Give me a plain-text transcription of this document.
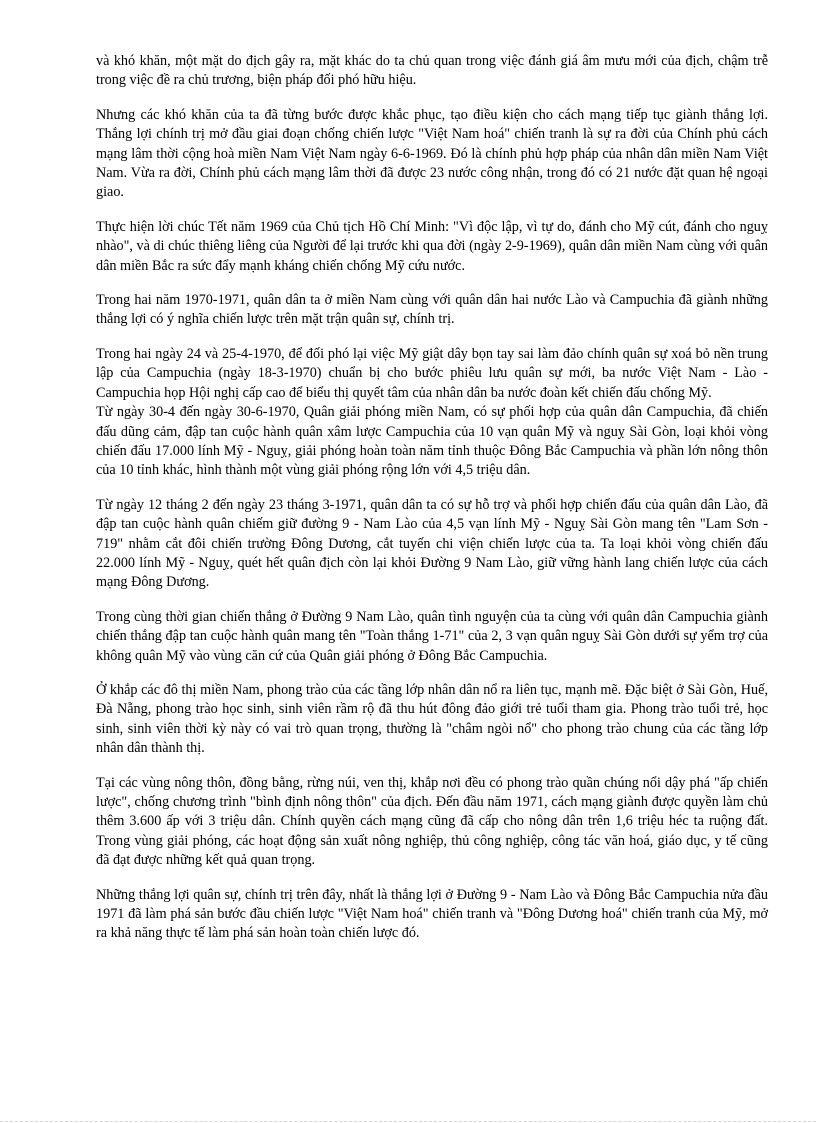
và khó khăn, một mặt do địch gây ra, mặt khác do ta chủ quan trong việc đánh giá âm mưu mới của địch, chậm trễ trong việc đề ra chủ trương, biện pháp đối phó hữu hiệu.

Nhưng các khó khăn của ta đã từng bước được khắc phục, tạo điều kiện cho cách mạng tiếp tục giành thắng lợi. Thắng lợi chính trị mở đầu giai đoạn chống chiến lược "Việt Nam hoá" chiến tranh là sự ra đời của Chính phủ cách mạng lâm thời cộng hoà miền Nam Việt Nam ngày 6-6-1969. Đó là chính phủ hợp pháp của nhân dân miền Nam Việt Nam. Vừa ra đời, Chính phủ cách mạng lâm thời đã được 23 nước công nhận, trong đó có 21 nước đặt quan hệ ngoại giao.

Thực hiện lời chúc Tết năm 1969 của Chủ tịch Hồ Chí Minh: "Vì độc lập, vì tự do, đánh cho Mỹ cút, đánh cho nguỵ nhào", và di chúc thiêng liêng của Người để lại trước khi qua đời (ngày 2-9-1969), quân dân miền Nam cùng với quân dân miền Bắc ra sức đẩy mạnh kháng chiến chống Mỹ cứu nước.

Trong hai năm 1970-1971, quân dân ta ở miền Nam cùng với quân dân hai nước Lào và Campuchia đã giành những thắng lợi có ý nghĩa chiến lược trên mặt trận quân sự, chính trị.

Trong hai ngày 24 và 25-4-1970, để đối phó lại việc Mỹ giật dây bọn tay sai làm đảo chính quân sự xoá bỏ nền trung lập của Campuchia (ngày 18-3-1970) chuẩn bị cho bước phiêu lưu quân sự mới, ba nước Việt Nam - Lào - Campuchia họp Hội nghị cấp cao để biểu thị quyết tâm của nhân dân ba nước đoàn kết chiến đấu chống Mỹ.

Từ ngày 30-4 đến ngày 30-6-1970, Quân giải phóng miền Nam, có sự phối hợp của quân dân Campuchia, đã chiến đấu dũng cảm, đập tan cuộc hành quân xâm lược Campuchia của 10 vạn quân Mỹ và nguỵ Sài Gòn, loại khỏi vòng chiến đấu 17.000 lính Mỹ - Nguỵ, giải phóng hoàn toàn năm tỉnh thuộc Đông Bắc Campuchia và phần lớn nông thôn của 10 tỉnh khác, hình thành một vùng giải phóng rộng lớn với 4,5 triệu dân.

Từ ngày 12 tháng 2 đến ngày 23 tháng 3-1971, quân dân ta có sự hỗ trợ và phối hợp chiến đấu của quân dân Lào, đã đập tan cuộc hành quân chiếm giữ đường 9 - Nam Lào của 4,5 vạn lính Mỹ - Nguỵ Sài Gòn mang tên "Lam Sơn - 719" nhằm cắt đôi chiến trường Đông Dương, cắt tuyến chi viện chiến lược của ta. Ta loại khỏi vòng chiến đấu 22.000 lính Mỹ - Nguỵ, quét hết quân địch còn lại khỏi Đường 9 Nam Lào, giữ vững hành lang chiến lược của cách mạng Đông Dương.

Trong cùng thời gian chiến thắng ở Đường 9 Nam Lào, quân tình nguyện của ta cùng với quân dân Campuchia giành chiến thắng đập tan cuộc hành quân mang tên "Toàn thắng 1-71" của 2, 3 vạn quân nguỵ Sài Gòn dưới sự yểm trợ của không quân Mỹ vào vùng căn cứ của Quân giải phóng ở Đông Bắc Campuchia.

Ở khắp các đô thị miền Nam, phong trào của các tầng lớp nhân dân nổ ra liên tục, mạnh mẽ. Đặc biệt ở Sài Gòn, Huế, Đà Nẵng, phong trào học sinh, sinh viên rầm rộ đã thu hút đông đảo giới trẻ tuổi tham gia. Phong trào tuổi trẻ, học sinh, sinh viên thời kỳ này có vai trò quan trọng, thường là "châm ngòi nổ" cho phong trào chung của các tầng lớp nhân dân thành thị.

Tại các vùng nông thôn, đồng bằng, rừng núi, ven thị, khắp nơi đều có phong trào quần chúng nổi dậy phá "ấp chiến lược", chống chương trình "bình định nông thôn" của địch. Đến đầu năm 1971, cách mạng giành được quyền làm chủ thêm 3.600 ấp với 3 triệu dân. Chính quyền cách mạng cũng đã cấp cho nông dân trên 1,6 triệu héc ta ruộng đất. Trong vùng giải phóng, các hoạt động sản xuất nông nghiệp, thủ công nghiệp, công tác văn hoá, giáo dục, y tế cũng đã đạt được những kết quả quan trọng.

Những thắng lợi quân sự, chính trị trên đây, nhất là thắng lợi ở Đường 9 - Nam Lào và Đông Bắc Campuchia nửa đầu 1971 đã làm phá sản bước đầu chiến lược "Việt Nam hoá" chiến tranh và "Đông Dương hoá" chiến tranh của Mỹ, mở ra khả năng thực tế làm phá sản hoàn toàn chiến lược đó.
